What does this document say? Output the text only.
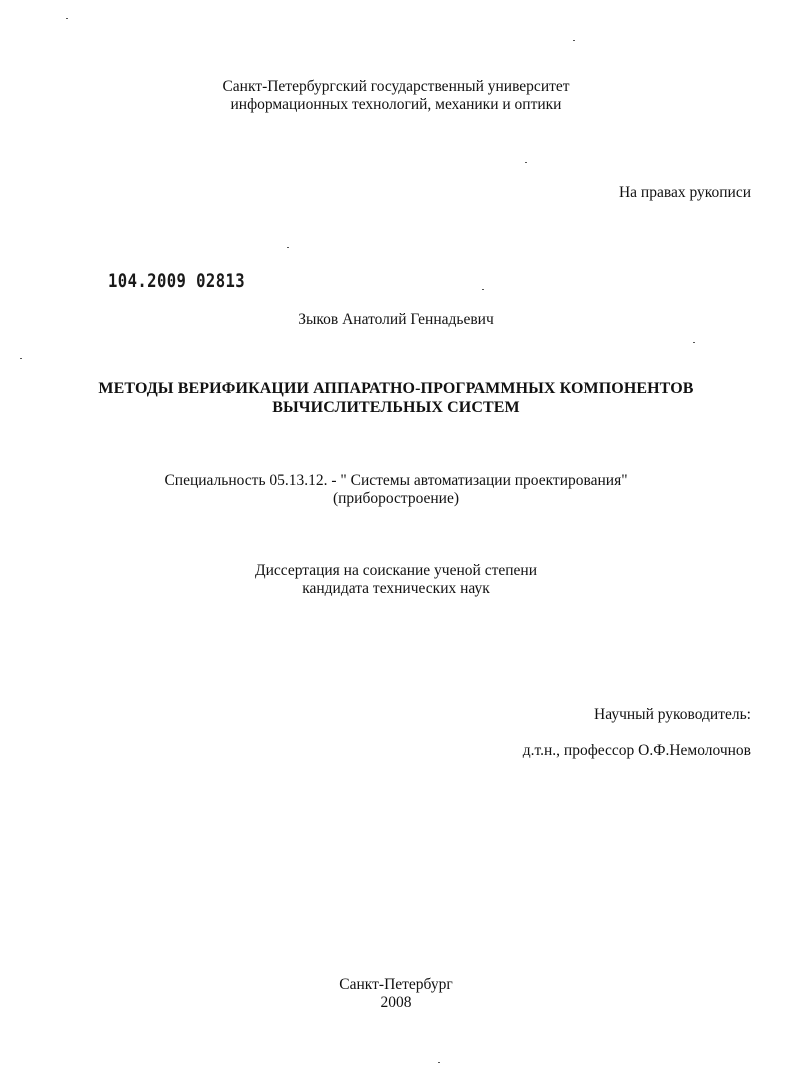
Санкт-Петербургский государственный университет
информационных технологий, механики и оптики
На правах рукописи
104.2009 02813
Зыков Анатолий Геннадьевич
МЕТОДЫ ВЕРИФИКАЦИИ АППАРАТНО-ПРОГРАММНЫХ КОМПОНЕНТОВ
ВЫЧИСЛИТЕЛЬНЫХ СИСТЕМ
Специальность 05.13.12. - " Системы автоматизации проектирования"
(приборостроение)
Диссертация на соискание ученой степени
кандидата технических наук
Научный руководитель:
д.т.н., профессор О.Ф.Немолочнов
Санкт-Петербург
2008
